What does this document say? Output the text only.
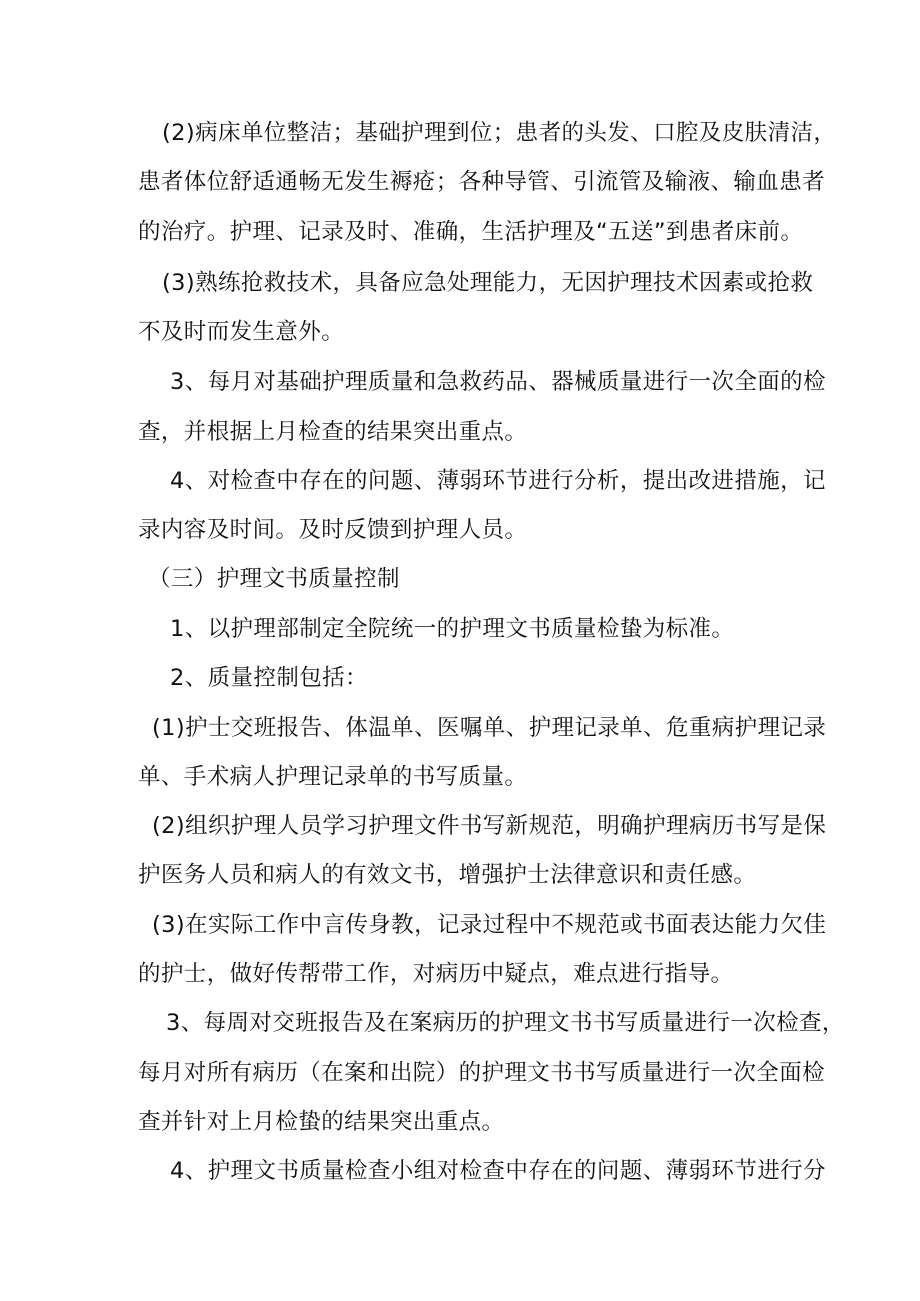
(2)病床单位整洁；基础护理到位；患者的头发、口腔及皮肤清洁，
患者体位舒适通畅无发生褥疮；各种导管、引流管及输液、输血患者
的治疗。护理、记录及时、准确，生活护理及“五送”到患者床前。
(3)熟练抢救技术，具备应急处理能力，无因护理技术因素或抢救
不及时而发生意外。
3、每月对基础护理质量和急救药品、器械质量进行一次全面的检
查，并根据上月检查的结果突出重点。
4、对检查中存在的问题、薄弱环节进行分析，提出改进措施，记
录内容及时间。及时反馈到护理人员。
（三）护理文书质量控制
1、以护理部制定全院统一的护理文书质量检蛰为标准。
2、质量控制包括：
(1)护士交班报告、体温单、医嘱单、护理记录单、危重病护理记录
单、手术病人护理记录单的书写质量。
(2)组织护理人员学习护理文件书写新规范，明确护理病历书写是保
护医务人员和病人的有效文书，增强护士法律意识和责任感。
(3)在实际工作中言传身教，记录过程中不规范或书面表达能力欠佳
的护士，做好传帮带工作，对病历中疑点，难点进行指导。
3、每周对交班报告及在案病历的护理文书书写质量进行一次检查，
每月对所有病历（在案和出院）的护理文书书写质量进行一次全面检
查并针对上月检蛰的结果突出重点。
4、护理文书质量检查小组对检查中存在的问题、薄弱环节进行分
